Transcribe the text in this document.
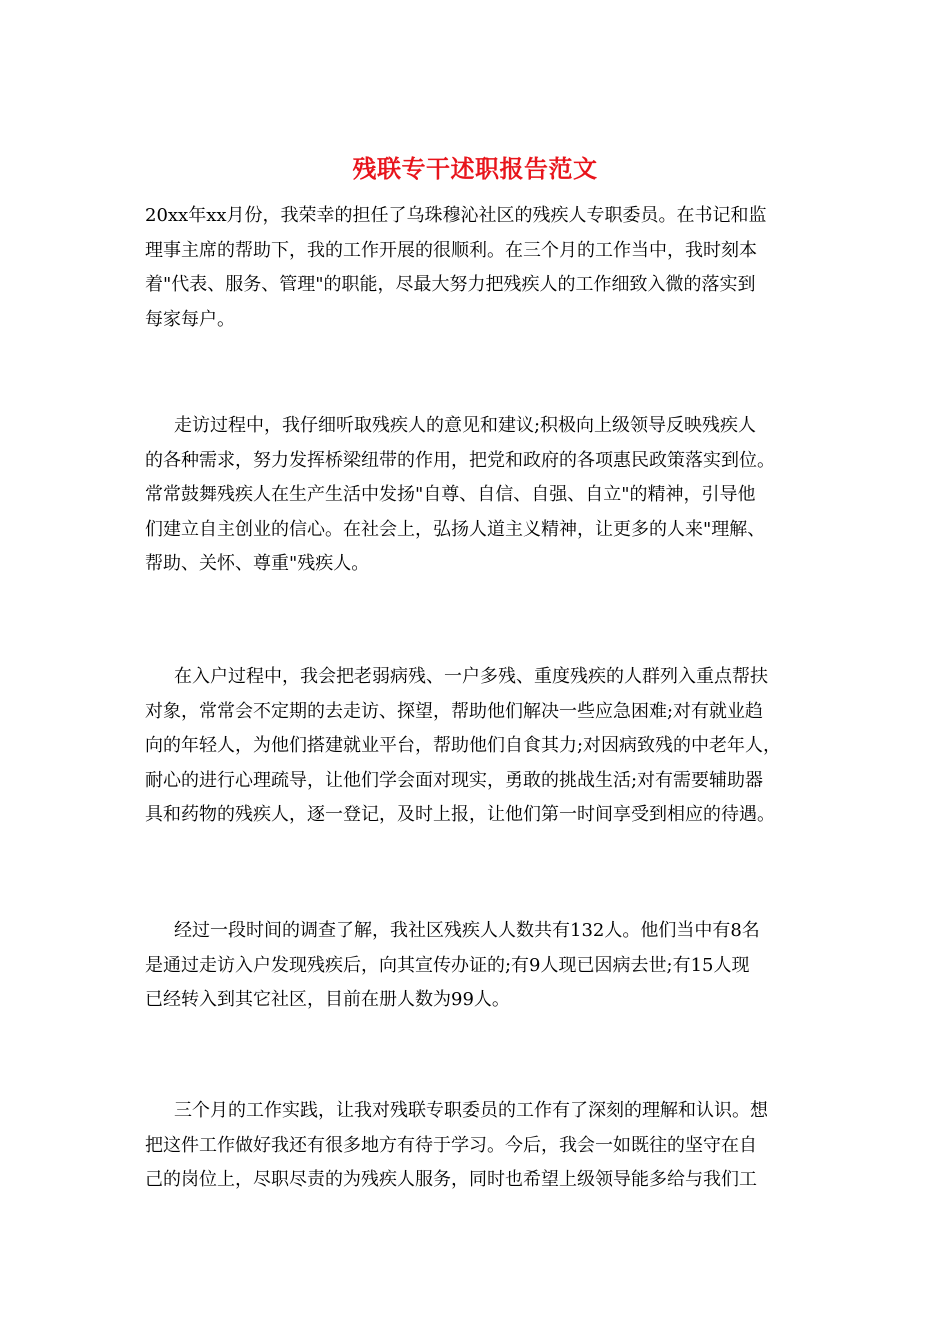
残联专干述职报告范文
20xx年xx月份，我荣幸的担任了乌珠穆沁社区的残疾人专职委员。在书记和监
理事主席的帮助下，我的工作开展的很顺利。在三个月的工作当中，我时刻本
着"代表、服务、管理"的职能，尽最大努力把残疾人的工作细致入微的落实到
每家每户。
走访过程中，我仔细听取残疾人的意见和建议;积极向上级领导反映残疾人
的各种需求，努力发挥桥梁纽带的作用，把党和政府的各项惠民政策落实到位。
常常鼓舞残疾人在生产生活中发扬"自尊、自信、自强、自立"的精神，引导他
们建立自主创业的信心。在社会上，弘扬人道主义精神，让更多的人来"理解、
帮助、关怀、尊重"残疾人。
在入户过程中，我会把老弱病残、一户多残、重度残疾的人群列入重点帮扶
对象，常常会不定期的去走访、探望，帮助他们解决一些应急困难;对有就业趋
向的年轻人，为他们搭建就业平台，帮助他们自食其力;对因病致残的中老年人，
耐心的进行心理疏导，让他们学会面对现实，勇敢的挑战生活;对有需要辅助器
具和药物的残疾人，逐一登记，及时上报，让他们第一时间享受到相应的待遇。
经过一段时间的调查了解，我社区残疾人人数共有132人。他们当中有8名
是通过走访入户发现残疾后，向其宣传办证的;有9人现已因病去世;有15人现
已经转入到其它社区，目前在册人数为99人。
三个月的工作实践，让我对残联专职委员的工作有了深刻的理解和认识。想
把这件工作做好我还有很多地方有待于学习。今后，我会一如既往的坚守在自
己的岗位上，尽职尽责的为残疾人服务，同时也希望上级领导能多给与我们工
